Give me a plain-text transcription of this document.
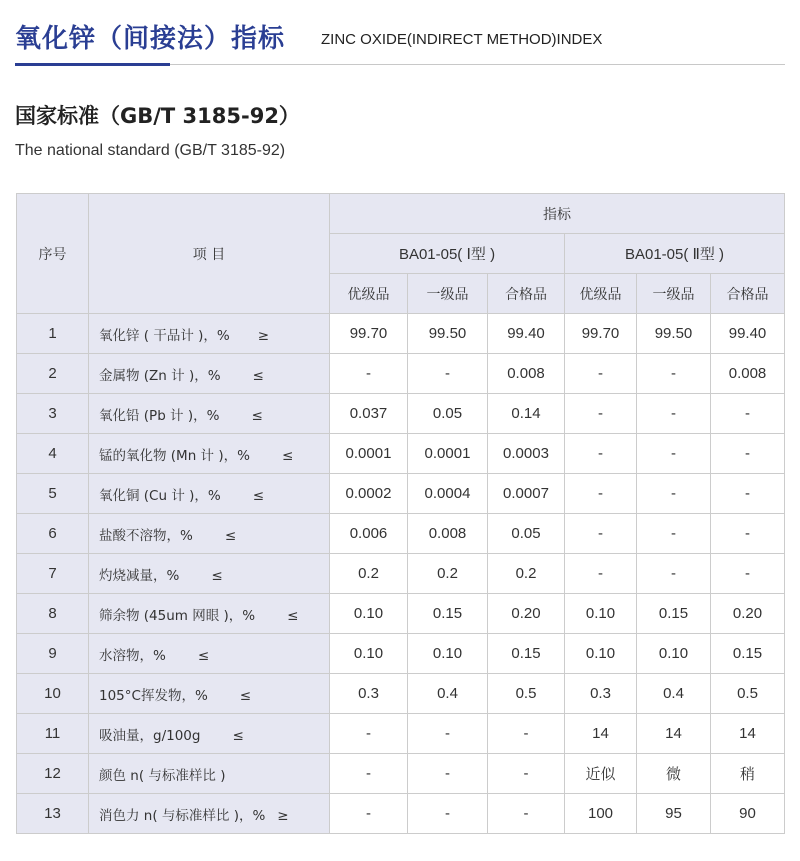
氧化锌（间接法）指标 ZINC OXIDE(INDIRECT METHOD)INDEX
国家标准（GB/T 3185-92）
The national standard (GB/T 3185-92)
序号	项 目	指标					
		BA01-05( Ⅰ型 )			BA01-05( Ⅱ型 )		
		优级品	一级品	合格品	优级品	一级品	合格品
1	氧化锌 ( 干品计 )，% ≥	99.70	99.50	99.40	99.70	99.50	99.40
2	金属物 (Zn 计 )，% ≤	-	-	0.008	-	-	0.008
3	氧化铅 (Pb 计 )，% ≤	0.037	0.05	0.14	-	-	-
4	锰的氧化物 (Mn 计 )，% ≤	0.0001	0.0001	0.0003	-	-	-
5	氧化铜 (Cu 计 )，% ≤	0.0002	0.0004	0.0007	-	-	-
6	盐酸不溶物，% ≤	0.006	0.008	0.05	-	-	-
7	灼烧减量，% ≤	0.2	0.2	0.2	-	-	-
8	筛余物 (45um 网眼 )，% ≤	0.10	0.15	0.20	0.10	0.15	0.20
9	水溶物，% ≤	0.10	0.10	0.15	0.10	0.10	0.15
10	105°C挥发物，% ≤	0.3	0.4	0.5	0.3	0.4	0.5
11	吸油量，g/100g ≤	-	-	-	14	14	14
12	颜色 n( 与标准样比 )	-	-	-	近似	微	稍
13	消色力 n( 与标准样比 )，% ≥	-	-	-	100	95	90
